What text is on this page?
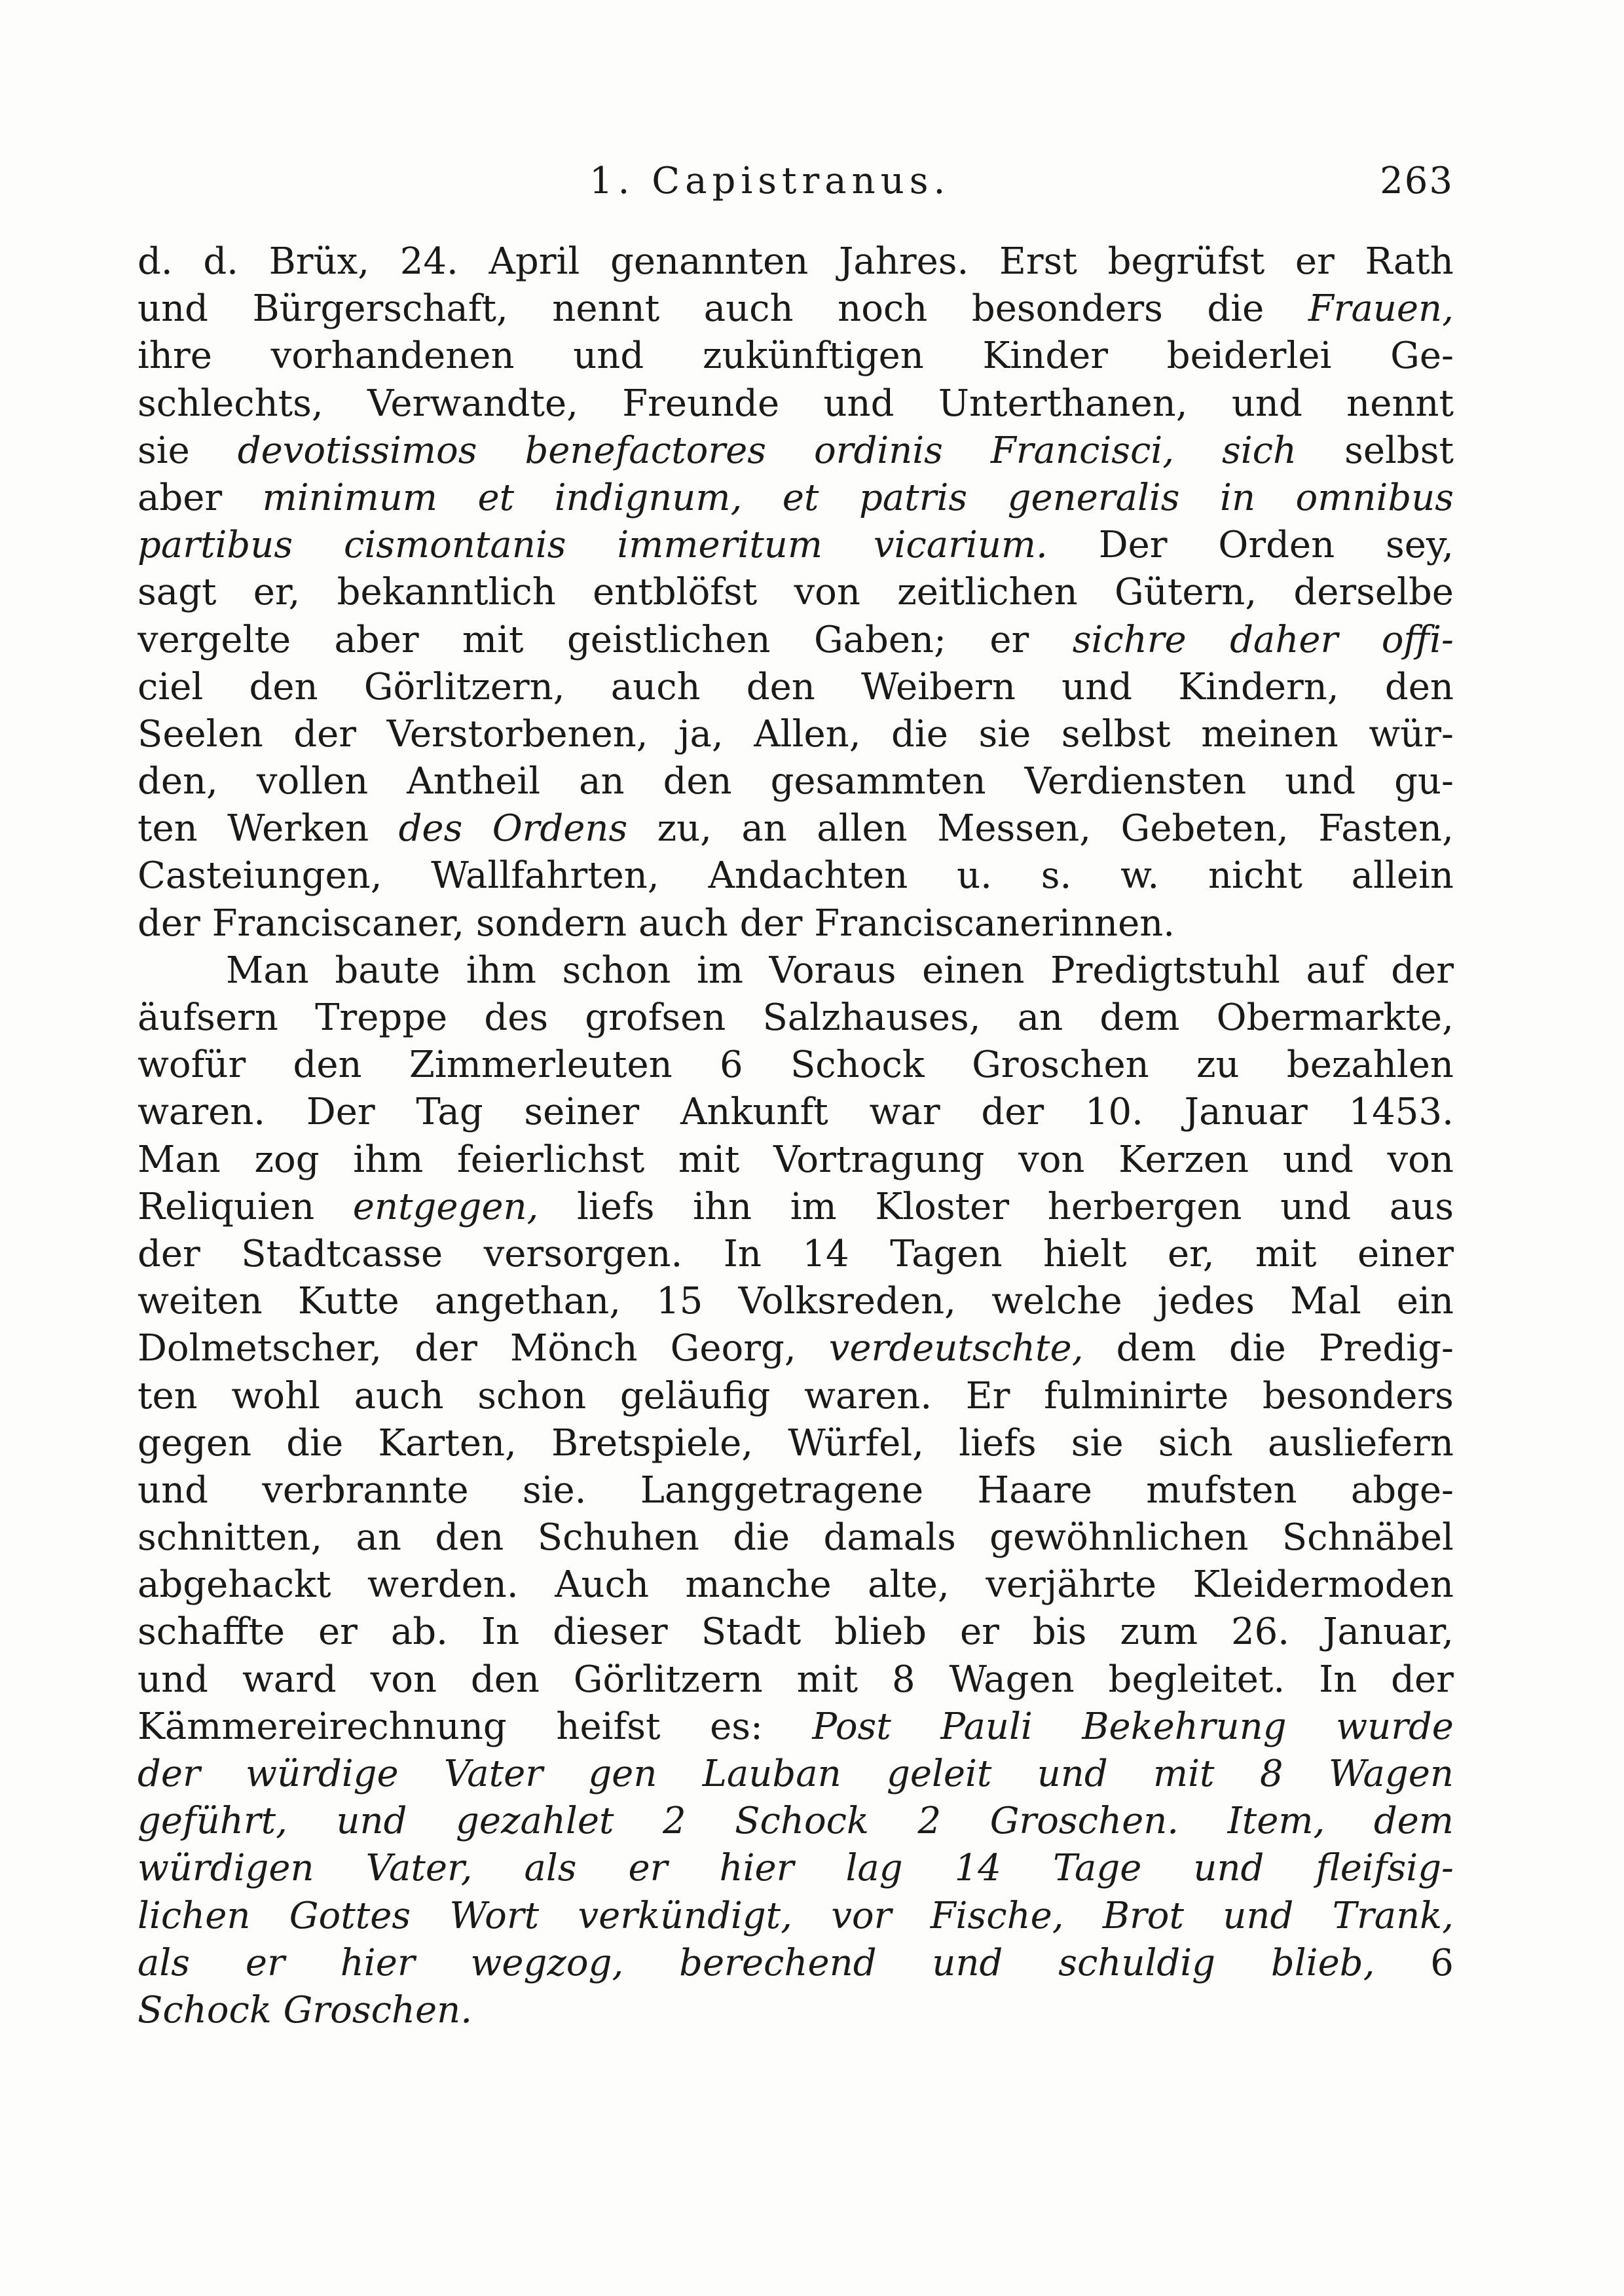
1. Capistranus.	263
d. d. Brüx, 24. April genannten Jahres. Erst begrüfst er Rath
und Bürgerschaft, nennt auch noch besonders die Frauen,
ihre vorhandenen und zukünftigen Kinder beiderlei Ge-
schlechts, Verwandte, Freunde und Unterthanen, und nennt
sie devotissimos benefactores ordinis Francisci, sich selbst
aber minimum et indignum, et patris generalis in omnibus
partibus cismontanis immeritum vicarium. Der Orden sey,
sagt er, bekanntlich entblöfst von zeitlichen Gütern, derselbe
vergelte aber mit geistlichen Gaben; er sichre daher offi-
ciel den Görlitzern, auch den Weibern und Kindern, den
Seelen der Verstorbenen, ja, Allen, die sie selbst meinen wür-
den, vollen Antheil an den gesammten Verdiensten und gu-
ten Werken des Ordens zu, an allen Messen, Gebeten, Fasten,
Casteiungen, Wallfahrten, Andachten u. s. w. nicht allein
der Franciscaner, sondern auch der Franciscanerinnen.
Man baute ihm schon im Voraus einen Predigtstuhl auf der
äufsern Treppe des grofsen Salzhauses, an dem Obermarkte,
wofür den Zimmerleuten 6 Schock Groschen zu bezahlen
waren. Der Tag seiner Ankunft war der 10. Januar 1453.
Man zog ihm feierlichst mit Vortragung von Kerzen und von
Reliquien entgegen, liefs ihn im Kloster herbergen und aus
der Stadtcasse versorgen. In 14 Tagen hielt er, mit einer
weiten Kutte angethan, 15 Volksreden, welche jedes Mal ein
Dolmetscher, der Mönch Georg, verdeutschte, dem die Predig-
ten wohl auch schon geläufig waren. Er fulminirte besonders
gegen die Karten, Bretspiele, Würfel, liefs sie sich ausliefern
und verbrannte sie. Langgetragene Haare mufsten abge-
schnitten, an den Schuhen die damals gewöhnlichen Schnäbel
abgehackt werden. Auch manche alte, verjährte Kleidermoden
schaffte er ab. In dieser Stadt blieb er bis zum 26. Januar,
und ward von den Görlitzern mit 8 Wagen begleitet. In der
Kämmereirechnung heifst es: Post Pauli Bekehrung wurde
der würdige Vater gen Lauban geleit und mit 8 Wagen
geführt, und gezahlet 2 Schock 2 Groschen. Item, dem
würdigen Vater, als er hier lag 14 Tage und fleifsig-
lichen Gottes Wort verkündigt, vor Fische, Brot und Trank,
als er hier wegzog, berechend und schuldig blieb, 6
Schock Groschen.
